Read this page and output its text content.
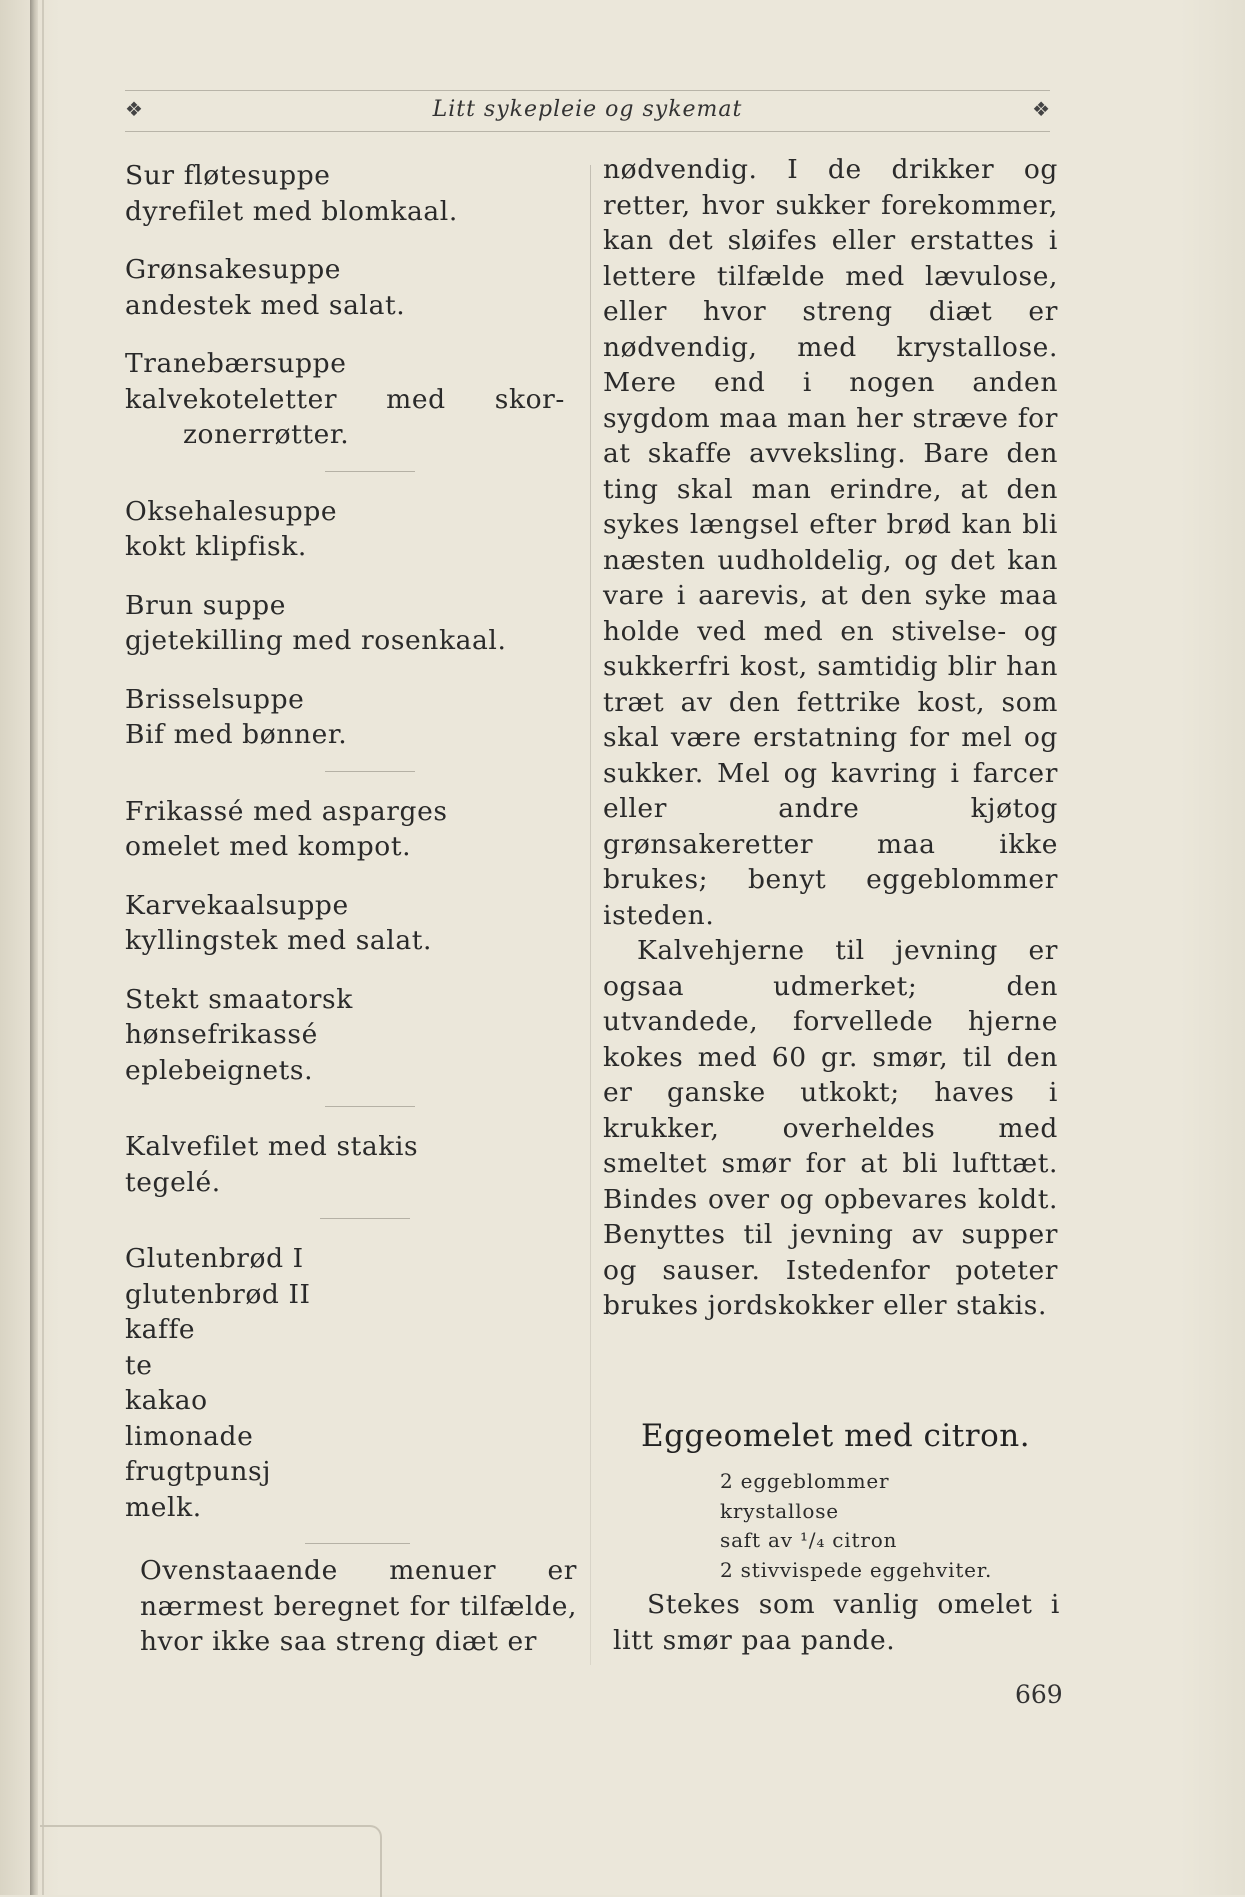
❖	Litt sykepleie og sykemat	❖

Sur fløtesuppe

dyrefilet med blomkaal.

Grønsakesuppe

andestek med salat.

Tranebærsuppe

kalvekoteletter med skor-

zonerrøtter.

Oksehalesuppe

kokt klipfisk.

Brun suppe

gjetekilling med rosenkaal.

Brisselsuppe

Bif med bønner.

Frikassé med asparges

omelet med kompot.

Karvekaalsuppe

kyllingstek med salat.

Stekt smaatorsk

hønsefrikassé

eplebeignets.

Kalvefilet med stakis

tegelé.

Glutenbrød I

glutenbrød II

kaffe

te

kakao

limonade

frugtpunsj

melk.

Ovenstaaende menuer er nærmest beregnet for tilfælde, hvor ikke saa streng diæt er

nødvendig. I de drikker og retter, hvor sukker forekommer, kan det sløifes eller erstattes i lettere tilfælde med lævulose, eller hvor streng diæt er nødvendig, med krystallose. Mere end i nogen anden sygdom maa man her stræve for at skaffe avveksling. Bare den ting skal man erindre, at den sykes længsel efter brød kan bli næsten uudholdelig, og det kan vare i aarevis, at den syke maa holde ved med en stivelse- og sukkerfri kost, samtidig blir han træt av den fettrike kost, som skal være erstatning for mel og sukker. Mel og kavring i farcer eller andre kjøtog grønsakeretter maa ikke brukes; benyt eggeblommer isteden.

Kalvehjerne til jevning er ogsaa udmerket; den utvandede, forvellede hjerne kokes med 60 gr. smør, til den er ganske utkokt; haves i krukker, overheldes med smeltet smør for at bli lufttæt. Bindes over og opbevares koldt. Benyttes til jevning av supper og sauser. Istedenfor poteter brukes jordskokker eller stakis.

Eggeomelet med citron.

2 eggeblommer

krystallose

saft av ¹/₄ citron

2 stivvispede eggehviter.

Stekes som vanlig omelet i litt smør paa pande.

669
